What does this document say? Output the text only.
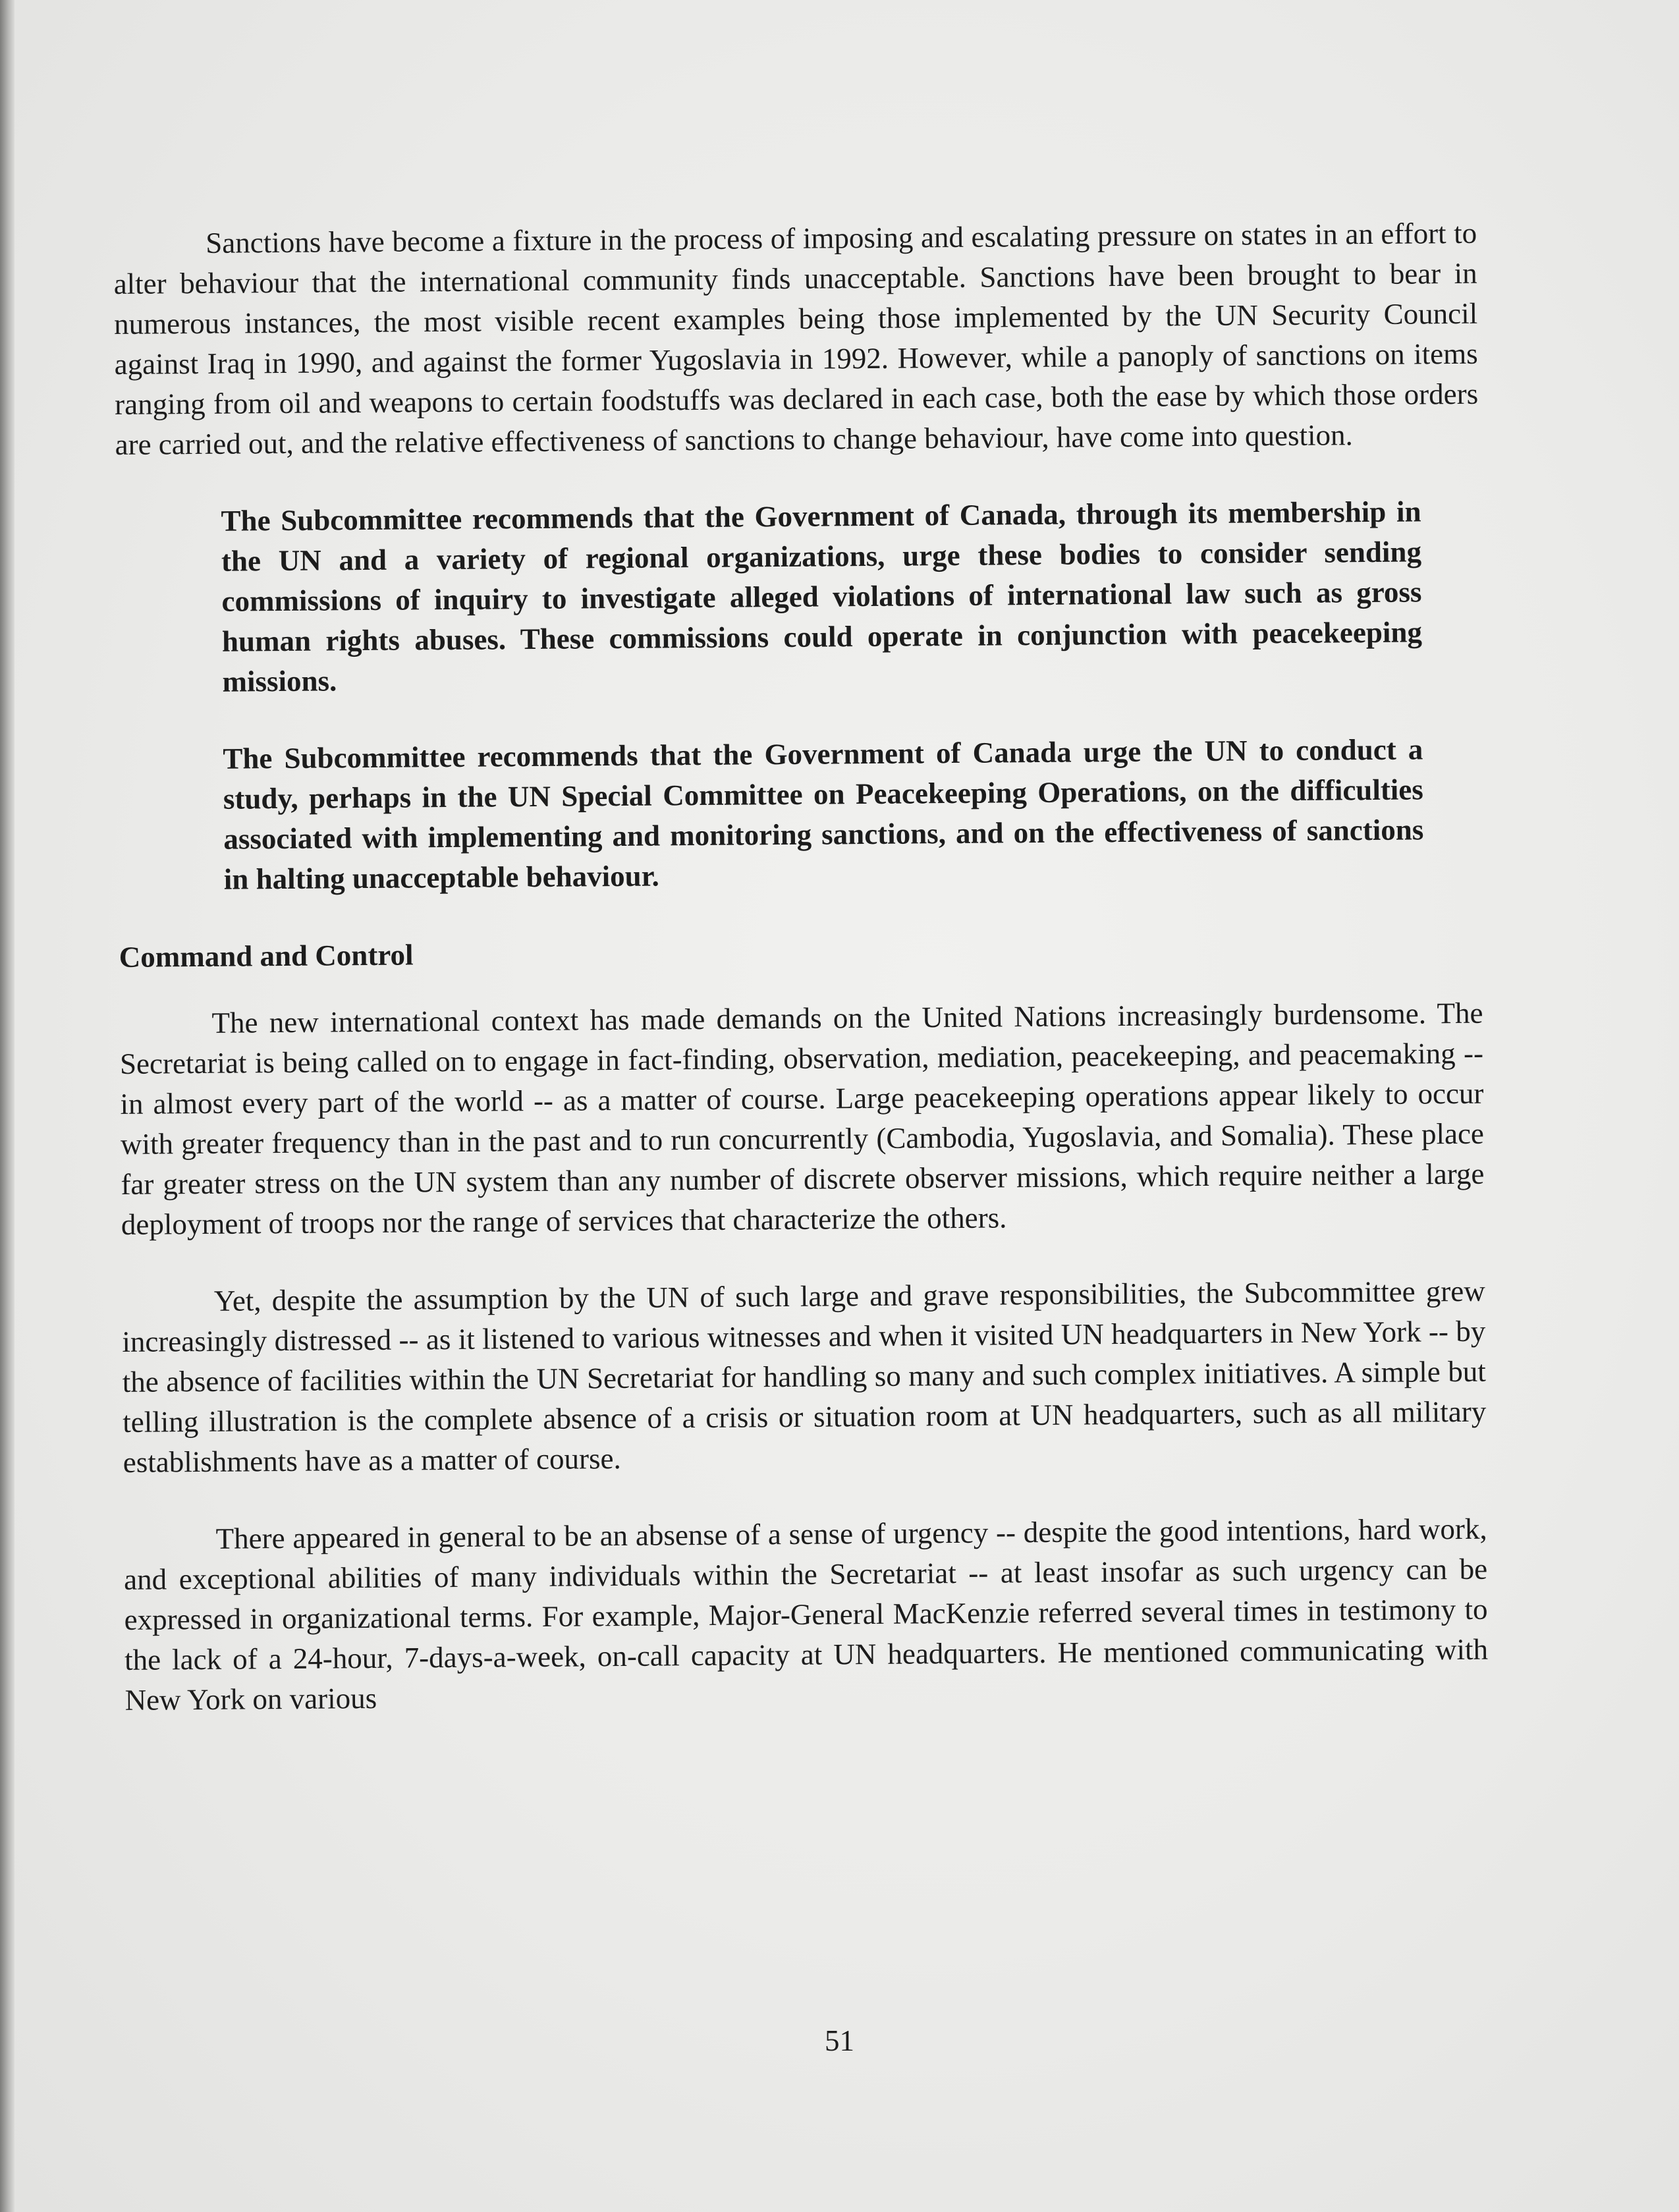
Sanctions have become a fixture in the process of imposing and escalating pressure on states in an effort to alter behaviour that the international community finds unacceptable. Sanctions have been brought to bear in numerous instances, the most visible recent examples being those implemented by the UN Security Council against Iraq in 1990, and against the former Yugoslavia in 1992. However, while a panoply of sanctions on items ranging from oil and weapons to certain foodstuffs was declared in each case, both the ease by which those orders are carried out, and the relative effectiveness of sanctions to change behaviour, have come into question.

The Subcommittee recommends that the Government of Canada, through its membership in the UN and a variety of regional organizations, urge these bodies to consider sending commissions of inquiry to investigate alleged violations of international law such as gross human rights abuses. These commissions could operate in conjunction with peacekeeping missions.

The Subcommittee recommends that the Government of Canada urge the UN to conduct a study, perhaps in the UN Special Committee on Peacekeeping Operations, on the difficulties associated with implementing and monitoring sanctions, and on the effectiveness of sanctions in halting unacceptable behaviour.

Command and Control

The new international context has made demands on the United Nations increasingly burdensome. The Secretariat is being called on to engage in fact-finding, observation, mediation, peacekeeping, and peacemaking -- in almost every part of the world -- as a matter of course. Large peacekeeping operations appear likely to occur with greater frequency than in the past and to run concurrently (Cambodia, Yugoslavia, and Somalia). These place far greater stress on the UN system than any number of discrete observer missions, which require neither a large deployment of troops nor the range of services that characterize the others.

Yet, despite the assumption by the UN of such large and grave responsibilities, the Subcommittee grew increasingly distressed -- as it listened to various witnesses and when it visited UN headquarters in New York -- by the absence of facilities within the UN Secretariat for handling so many and such complex initiatives. A simple but telling illustration is the complete absence of a crisis or situation room at UN headquarters, such as all military establishments have as a matter of course.

There appeared in general to be an absense of a sense of urgency -- despite the good intentions, hard work, and exceptional abilities of many individuals within the Secretariat -- at least insofar as such urgency can be expressed in organizational terms. For example, Major-General MacKenzie referred several times in testimony to the lack of a 24-hour, 7-days-a-week, on-call capacity at UN headquarters. He mentioned communicating with New York on various

51
